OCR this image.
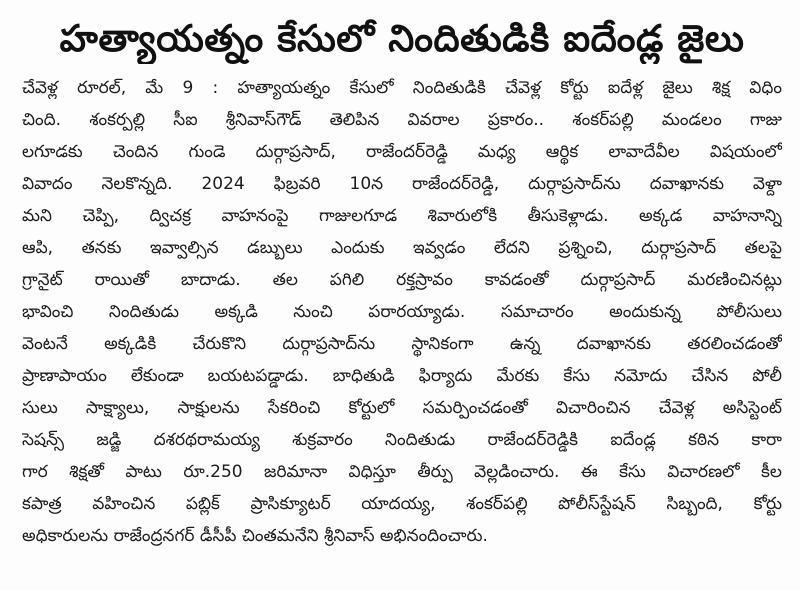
హత్యాయత్నం కేసులో నిందితుడికి ఐదేండ్ల జైలు
చేవెళ్ల రూరల్, మే 9 : హత్యాయత్నం కేసులో నిందితుడికి చేవెళ్ల కోర్టు ఐదేళ్ల జైలు శిక్ష విధిం
చింది. శంకర్పల్లి సీఐ శ్రీనివాస్‌గౌడ్ తెలిపిన వివరాల ప్రకారం.. శంకర్‌పల్లి మండలం గాజు
లగూడకు చెందిన గుండె దుర్గాప్రసాద్, రాజేందర్‌రెడ్డి మధ్య ఆర్థిక లావాదేవీల విషయంలో
వివాదం నెలకొన్నది. 2024 ఫిబ్రవరి 10న రాజేందర్‌రెడ్డి, దుర్గాప్రసాద్‌ను దవాఖానకు వెళ్దా
మని చెప్పి, ద్విచక్ర వాహనంపై గాజులగూడ శివారులోకి తీసుకెళ్లాడు. అక్కడ వాహనాన్ని
ఆపి, తనకు ఇవ్వాల్సిన డబ్బులు ఎందుకు ఇవ్వడం లేదని ప్రశ్నించి, దుర్గాప్రసాద్ తలపై
గ్రానైట్ రాయితో బాదాడు. తల పగిలి రక్తస్రావం కావడంతో దుర్గాప్రసాద్ మరణించినట్లు
భావించి నిందితుడు అక్కడి నుంచి పరారయ్యాడు. సమాచారం అందుకున్న పోలీసులు
వెంటనే అక్కడికి చేరుకొని దుర్గాప్రసాద్‌ను స్థానికంగా ఉన్న దవాఖానకు తరలించడంతో
ప్రాణాపాయం లేకుండా బయటపడ్డాడు. బాధితుడి ఫిర్యాదు మేరకు కేసు నమోదు చేసిన పోలీ
సులు సాక్ష్యాలు, సాక్షులను సేకరించి కోర్టులో సమర్పించడంతో విచారించిన చేవెళ్ల అసిస్టెంట్
సెషన్స్ జడ్జి దశరథరామయ్య శుక్రవారం నిందితుడు రాజేందర్‌రెడ్డికి ఐదేండ్ల కఠిన కారా
గార శిక్షతో పాటు రూ.250 జరిమానా విధిస్తూ తీర్పు వెల్లడించారు. ఈ కేసు విచారణలో కీల
కపాత్ర వహించిన పబ్లిక్ ప్రాసిక్యూటర్ యాదయ్య, శంకర్‌పల్లి పోలీస్‌స్టేషన్ సిబ్బంది, కోర్టు
అధికారులను రాజేంద్రనగర్ డీసీపీ చింతమనేని శ్రీనివాస్ అభినందించారు.
